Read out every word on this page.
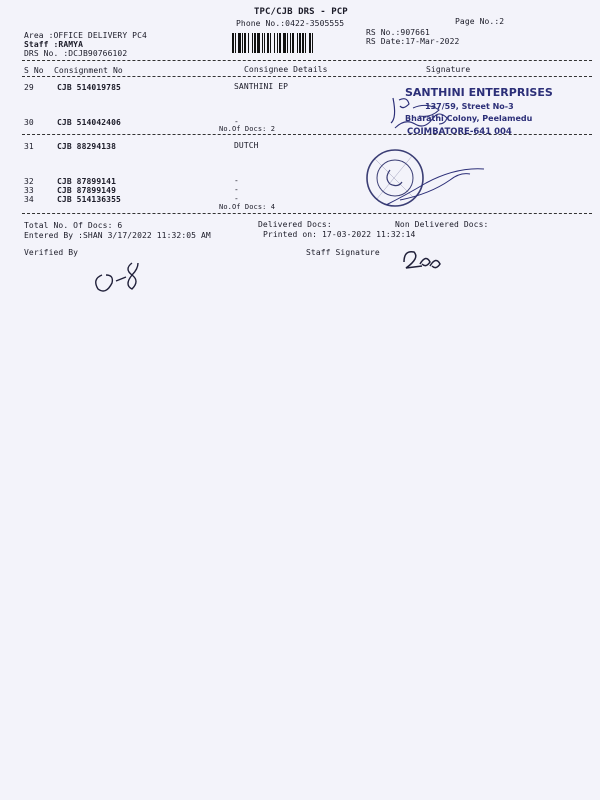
TPC/CJB DRS - PCP
Phone No.:0422-3505555	Page No.:2
Area :OFFICE DELIVERY PC4
Staff :RAMYA
DRS No. :DCJB90766102
RS No.:907661
RS Date:17-Mar-2022
S No Consignment No	Consignee Details	Signature
29	CJB 514019785	SANTHINI EP
30	CJB 514042406	-
No.Of Docs: 2
31	CJB 88294138	DUTCH
32	CJB 87899141	-
33	CJB 87899149	-
34	CJB 514136355	-
No.Of Docs: 4
Total No. Of Docs: 6	Delivered Docs:	Non Delivered Docs:
Entered By :SHAN 3/17/2022 11:32:05 AM	Printed on: 17-03-2022 11:32:14
Verified By	Staff Signature
SANTHINI ENTERPRISES
137/59, Street No-3
Bharathi Colony, Peelamedu
COIMBATORE-641 004
